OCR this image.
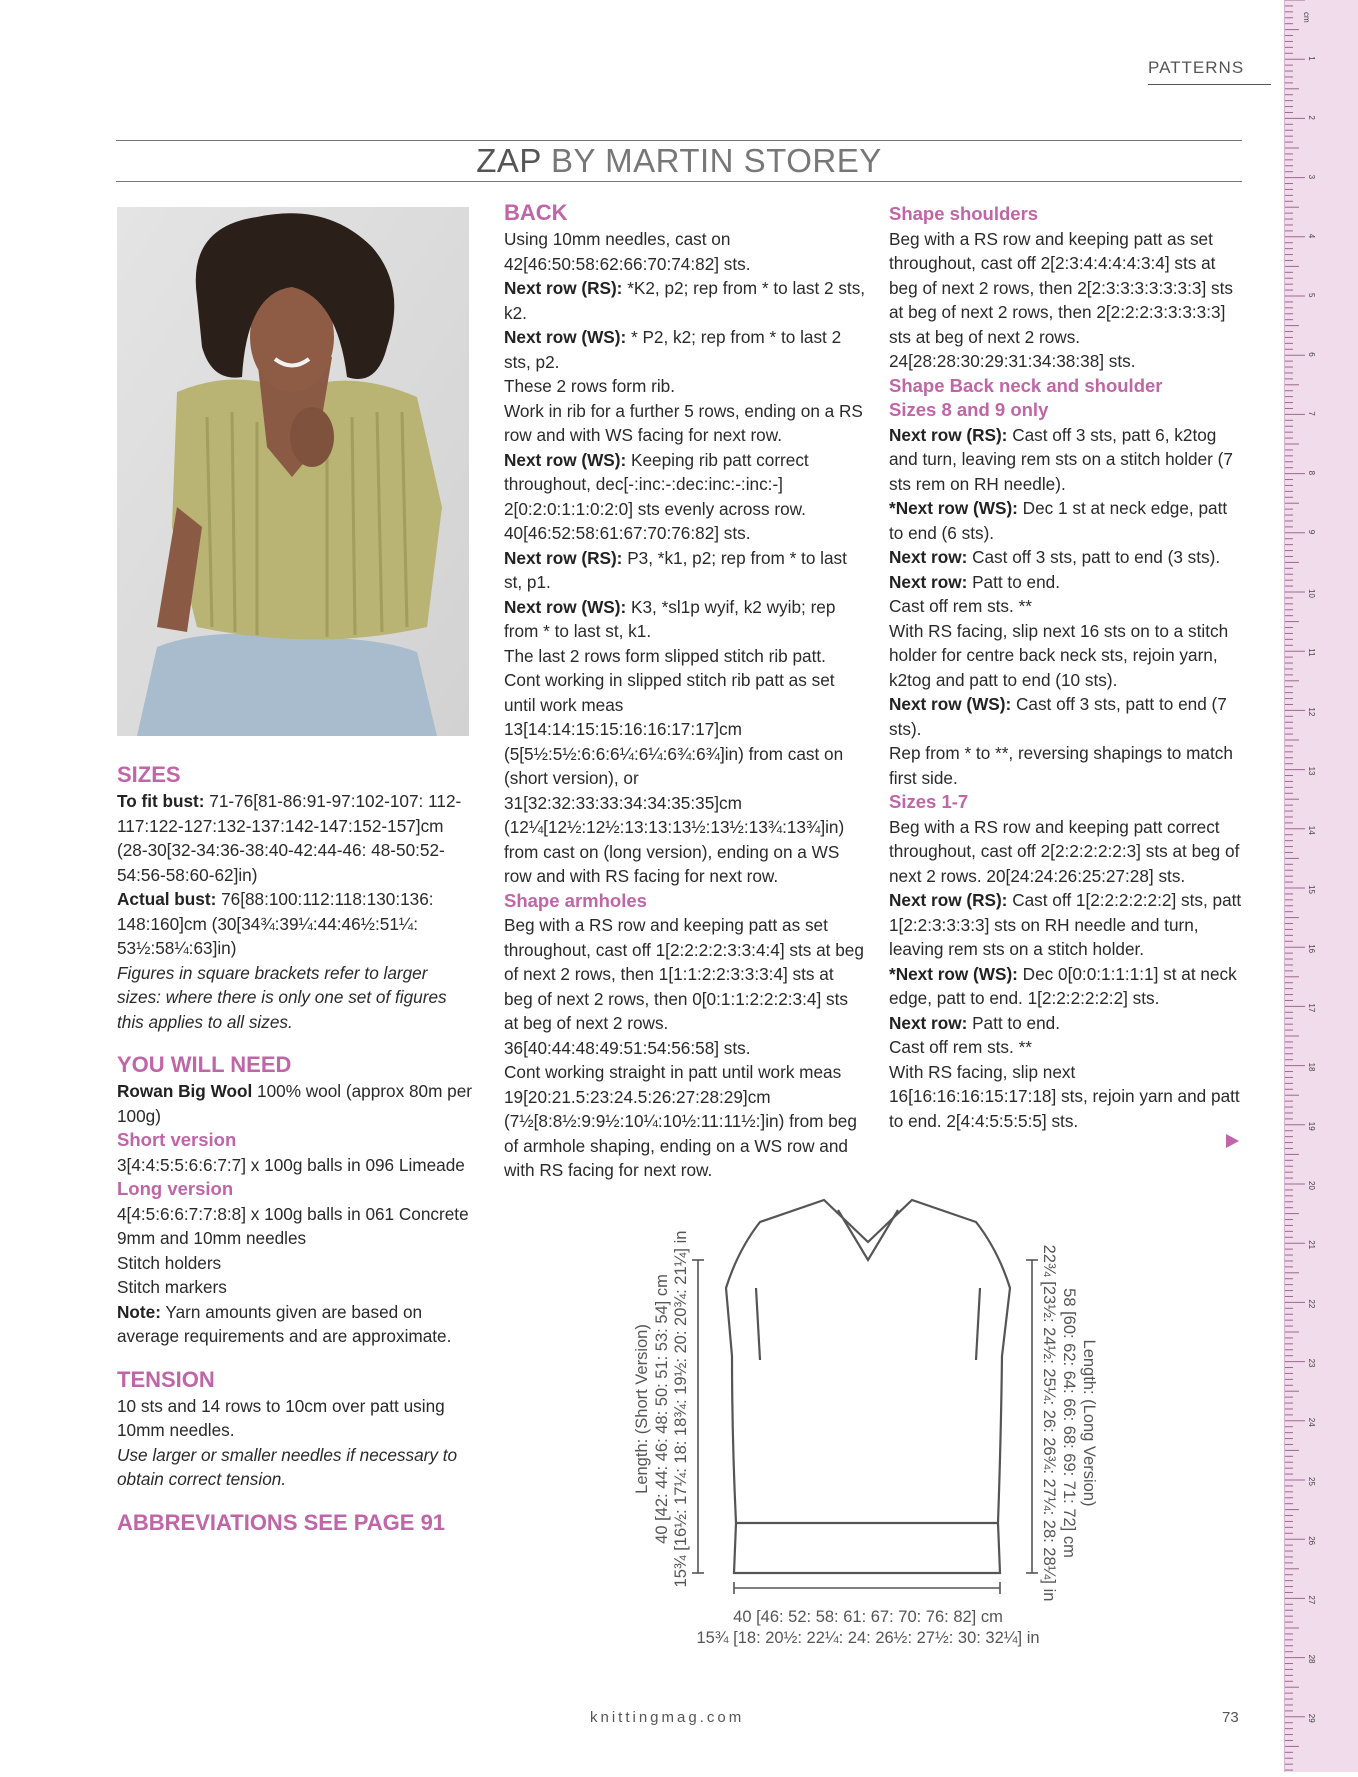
PATTERNS
ZAP BY MARTIN STOREY

SIZES

To fit bust: 71-76[81-86:91-97:102-107: 112-117:122-127:132-137:142-147:152-157]cm (28-30[32-34:36-38:40-42:44-46: 48-50:52-54:56-58:60-62]in)

Actual bust: 76[88:100:112:118:130:136: 148:160]cm (30[34¾:39¼:44:46½:51¼: 53½:58¼:63]in)

Figures in square brackets refer to larger sizes: where there is only one set of figures this applies to all sizes.

YOU WILL NEED

Rowan Big Wool 100% wool (approx 80m per 100g)

Short version

3[4:4:5:5:6:6:7:7] x 100g balls in 096 Limeade

Long version

4[4:5:6:6:7:7:8:8] x 100g balls in 061 Concrete

9mm and 10mm needles

Stitch holders

Stitch markers

Note: Yarn amounts given are based on average requirements and are approximate.

TENSION

10 sts and 14 rows to 10cm over patt using 10mm needles.

Use larger or smaller needles if necessary to obtain correct tension.

ABBREVIATIONS SEE PAGE 91

BACK

Using 10mm needles, cast on 42[46:50:58:62:66:70:74:82] sts.

Next row (RS): *K2, p2; rep from * to last 2 sts, k2.

Next row (WS): * P2, k2; rep from * to last 2 sts, p2.

These 2 rows form rib.

Work in rib for a further 5 rows, ending on a RS row and with WS facing for next row.

Next row (WS): Keeping rib patt correct throughout, dec[-:inc:-:dec:inc:-:inc:-] 2[0:2:0:1:1:0:2:0] sts evenly across row. 40[46:52:58:61:67:70:76:82] sts.

Next row (RS): P3, *k1, p2; rep from * to last st, p1.

Next row (WS): K3, *sl1p wyif, k2 wyib; rep from * to last st, k1.

The last 2 rows form slipped stitch rib patt.

Cont working in slipped stitch rib patt as set until work meas 13[14:14:15:15:16:16:17:17]cm (5[5½:5½:6:6:6¼:6¼:6¾:6¾]in) from cast on (short version), or 31[32:32:33:33:34:34:35:35]cm (12¼[12½:12½:13:13:13½:13½:13¾:13¾]in) from cast on (long version), ending on a WS row and with RS facing for next row.

Shape armholes

Beg with a RS row and keeping patt as set throughout, cast off 1[2:2:2:2:3:3:4:4] sts at beg of next 2 rows, then 1[1:1:2:2:3:3:3:4] sts at beg of next 2 rows, then 0[0:1:1:2:2:2:3:4] sts at beg of next 2 rows. 36[40:44:48:49:51:54:56:58] sts.

Cont working straight in patt until work meas 19[20:21.5:23:24.5:26:27:28:29]cm (7½[8:8½:9:9½:10¼:10½:11:11½:]in) from beg of armhole shaping, ending on a WS row and with RS facing for next row.

Shape shoulders

Beg with a RS row and keeping patt as set throughout, cast off 2[2:3:4:4:4:4:3:4] sts at beg of next 2 rows, then 2[2:3:3:3:3:3:3:3] sts at beg of next 2 rows, then 2[2:2:2:3:3:3:3:3] sts at beg of next 2 rows. 24[28:28:30:29:31:34:38:38] sts.

Shape Back neck and shoulder

Sizes 8 and 9 only

Next row (RS): Cast off 3 sts, patt 6, k2tog and turn, leaving rem sts on a stitch holder (7 sts rem on RH needle).

*Next row (WS): Dec 1 st at neck edge, patt to end (6 sts).

Next row: Cast off 3 sts, patt to end (3 sts).

Next row: Patt to end.

Cast off rem sts. **

With RS facing, slip next 16 sts on to a stitch holder for centre back neck sts, rejoin yarn, k2tog and patt to end (10 sts).

Next row (WS): Cast off 3 sts, patt to end (7 sts).

Rep from * to **, reversing shapings to match first side.

Sizes 1-7

Beg with a RS row and keeping patt correct throughout, cast off 2[2:2:2:2:2:3] sts at beg of next 2 rows. 20[24:24:26:25:27:28] sts.

Next row (RS): Cast off 1[2:2:2:2:2:2] sts, patt 1[2:2:3:3:3:3] sts on RH needle and turn, leaving rem sts on a stitch holder.

*Next row (WS): Dec 0[0:0:1:1:1:1] st at neck edge, patt to end. 1[2:2:2:2:2:2] sts.

Next row: Patt to end.

Cast off rem sts. **

With RS facing, slip next 16[16:16:16:15:17:18] sts, rejoin yarn and patt to end. 2[4:4:5:5:5:5] sts.

Length: (Short Version) 40 [42: 44: 46: 48: 50: 51: 53: 54] cm 15¾ [16½: 17¼: 18: 18¾: 19½: 20: 20¾: 21¼] in	22¾ [23½: 24½: 25¼: 26: 26¾: 27¼: 28: 28¼] in 58 [60: 62: 64: 66: 68: 69: 71: 72] cm Length: (Long Version)
40 [46: 52: 58: 61: 67: 70: 76: 82] cm
15¾ [18: 20½: 22¼: 24: 26½: 27½: 30: 32¼] in
knittingmag.com	73
cm
1
2
3
4
5
6
7
8
9
10
11
12
13
14
15
16
17
18
19
20
21
22
23
24
25
26
27
28
29
